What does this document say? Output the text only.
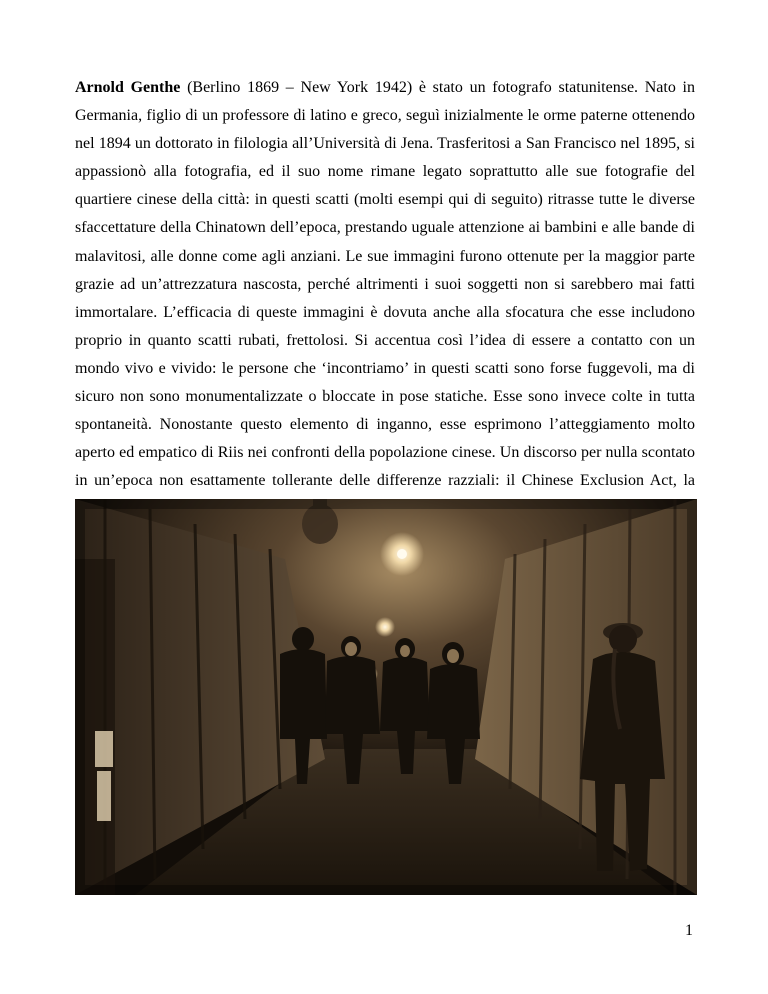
Arnold Genthe (Berlino 1869 – New York 1942) è stato un fotografo statunitense. Nato in Germania, figlio di un professore di latino e greco, seguì inizialmente le orme paterne ottenendo nel 1894 un dottorato in filologia all’Università di Jena. Trasferitosi a San Francisco nel 1895, si appassionò alla fotografia, ed il suo nome rimane legato soprattutto alle sue fotografie del quartiere cinese della città: in questi scatti (molti esempi qui di seguito) ritrasse tutte le diverse sfaccettature della Chinatown dell’epoca, prestando uguale attenzione ai bambini e alle bande di malavitosi, alle donne come agli anziani. Le sue immagini furono ottenute per la maggior parte grazie ad un’attrezzatura nascosta, perché altrimenti i suoi soggetti non si sarebbero mai fatti immortalare. L’efficacia di queste immagini è dovuta anche alla sfocatura che esse includono proprio in quanto scatti rubati, frettolosi. Si accentua così l’idea di essere a contatto con un mondo vivo e vivido: le persone che ‘incontriamo’ in questi scatti sono forse fuggevoli, ma di sicuro non sono monumentalizzate o bloccate in pose statiche. Esse sono invece colte in tutta spontaneità. Nonostante questo elemento di inganno, esse esprimono l’atteggiamento molto aperto ed empatico di Riis nei confronti della popolazione cinese. Un discorso per nulla scontato in un’epoca non esattamente tollerante delle differenze razziali: il Chinese Exclusion Act, la

1
